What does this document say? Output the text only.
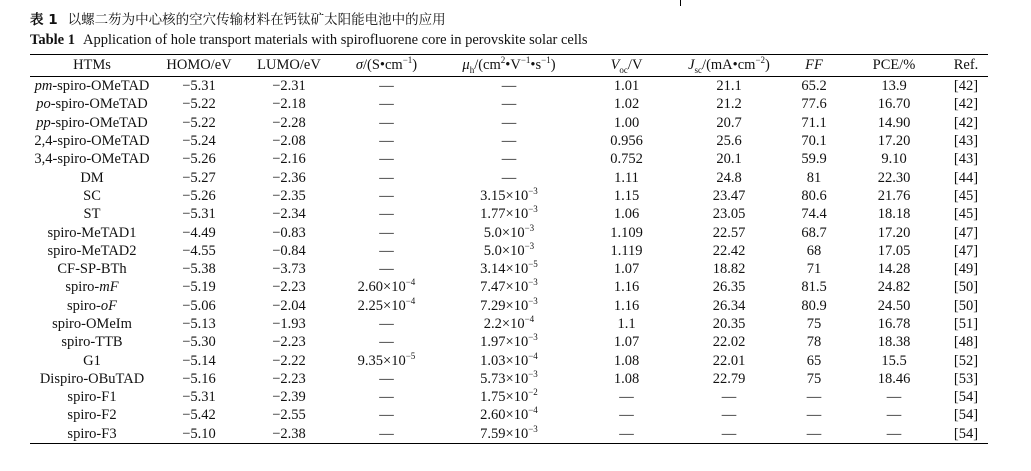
表 1 以螺二芴为中心核的空穴传输材料在钙钛矿太阳能电池中的应用
Table 1 Application of hole transport materials with spirofluorene core in perovskite solar cells
HTMs	HOMO/eV	LUMO/eV	$\sigma/(S•cm^{-1})$	$\mu_h/(cm^2•V^{-1}•s^{-1})$	$V_{oc}/V$	$J_{sc}/(mA•cm^{-2})$	FF	PCE/%	Ref.
pm-spiro-OMeTAD	−5.31	−2.31	—	—	1.01	21.1	65.2	13.9	[42]
po-spiro-OMeTAD	−5.22	−2.18	—	—	1.02	21.2	77.6	16.70	[42]
pp-spiro-OMeTAD	−5.22	−2.28	—	—	1.00	20.7	71.1	14.90	[42]
2,4-spiro-OMeTAD	−5.24	−2.08	—	—	0.956	25.6	70.1	17.20	[43]
3,4-spiro-OMeTAD	−5.26	−2.16	—	—	0.752	20.1	59.9	9.10	[43]
DM	−5.27	−2.36	—	—	1.11	24.8	81	22.30	[44]
SC	−5.26	−2.35	—	$3.15\times 10^{-3}$	1.15	23.47	80.6	21.76	[45]
ST	−5.31	−2.34	—	$1.77\times 10^{-3}$	1.06	23.05	74.4	18.18	[45]
spiro-MeTAD1	−4.49	−0.83	—	$5.0\times 10^{-3}$	1.109	22.57	68.7	17.20	[47]
spiro-MeTAD2	−4.55	−0.84	—	$5.0\times 10^{-3}$	1.119	22.42	68	17.05	[47]
CF-SP-BTh	−5.38	−3.73	—	$3.14\times 10^{-5}$	1.07	18.82	71	14.28	[49]
spiro-mF	−5.19	−2.23	$2.60\times 10^{-4}$	$7.47\times 10^{-3}$	1.16	26.35	81.5	24.82	[50]
spiro-oF	−5.06	−2.04	$2.25\times 10^{-4}$	$7.29\times 10^{-3}$	1.16	26.34	80.9	24.50	[50]
spiro-OMeIm	−5.13	−1.93	—	$2.2\times 10^{-4}$	1.1	20.35	75	16.78	[51]
spiro-TTB	−5.30	−2.23	—	$1.97\times 10^{-3}$	1.07	22.02	78	18.38	[48]
G1	−5.14	−2.22	$9.35\times 10^{-5}$	$1.03\times 10^{-4}$	1.08	22.01	65	15.5	[52]
Dispiro-OBuTAD	−5.16	−2.23	—	$5.73\times 10^{-3}$	1.08	22.79	75	18.46	[53]
spiro-F1	−5.31	−2.39	—	$1.75\times 10^{-2}$	—	—	—	—	[54]
spiro-F2	−5.42	−2.55	—	$2.60\times 10^{-4}$	—	—	—	—	[54]
spiro-F3	−5.10	−2.38	—	$7.59\times 10^{-3}$	—	—	—	—	[54]
